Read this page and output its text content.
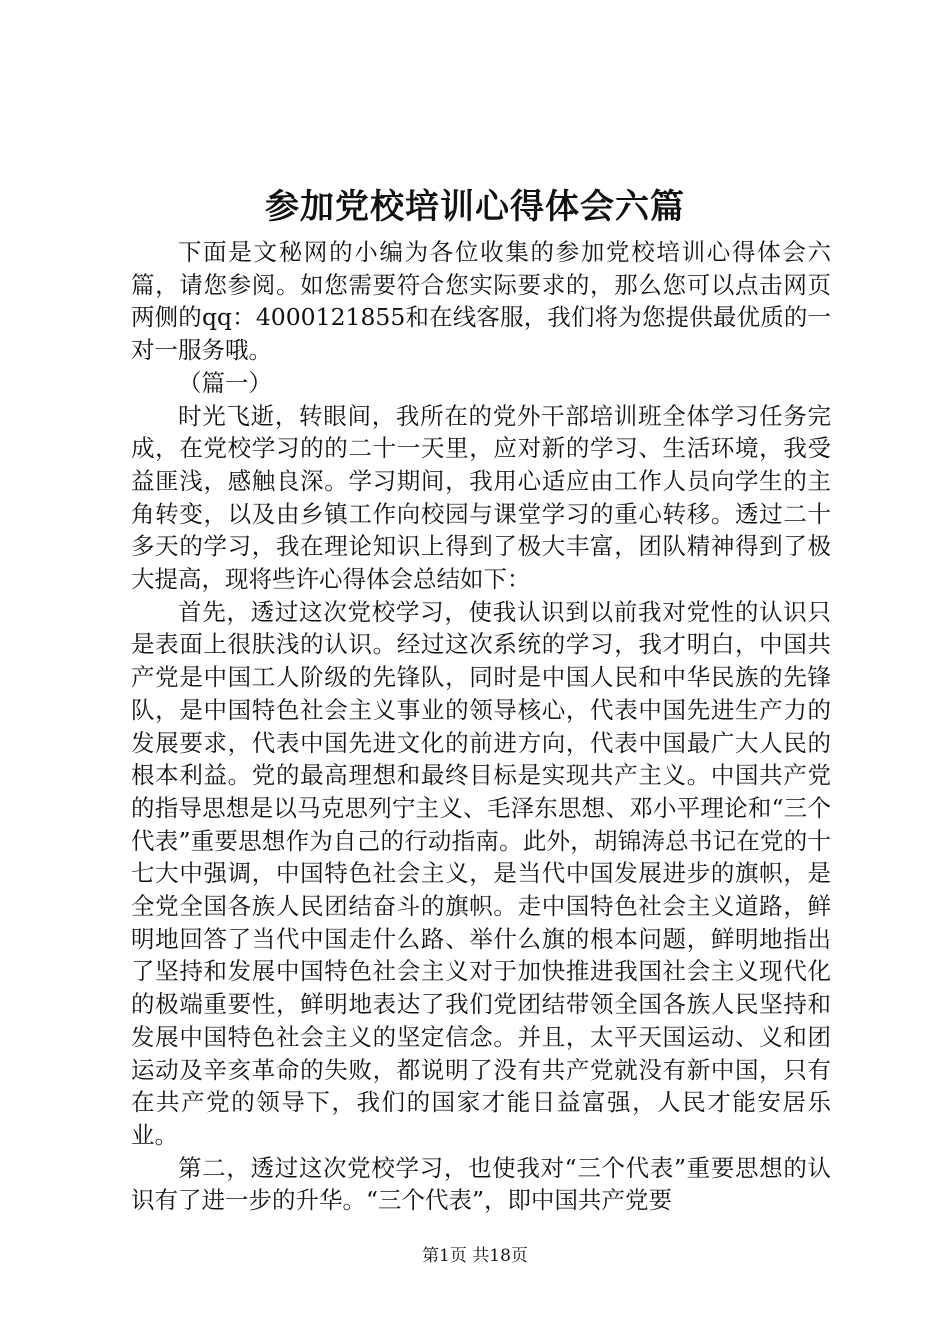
参加党校培训心得体会六篇

下面是文秘网的小编为各位收集的参加党校培训心得体会六篇，请您参阅。如您需要符合您实际要求的，那么您可以点击网页两侧的qq：4000121855和在线客服，我们将为您提供最优质的一对一服务哦。

（篇一）

时光飞逝，转眼间，我所在的党外干部培训班全体学习任务完成，在党校学习的的二十一天里，应对新的学习、生活环境，我受益匪浅，感触良深。学习期间，我用心适应由工作人员向学生的主角转变，以及由乡镇工作向校园与课堂学习的重心转移。透过二十多天的学习，我在理论知识上得到了极大丰富，团队精神得到了极大提高，现将些许心得体会总结如下：

首先，透过这次党校学习，使我认识到以前我对党性的认识只是表面上很肤浅的认识。经过这次系统的学习，我才明白，中国共产党是中国工人阶级的先锋队，同时是中国人民和中华民族的先锋队，是中国特色社会主义事业的领导核心，代表中国先进生产力的发展要求，代表中国先进文化的前进方向，代表中国最广大人民的根本利益。党的最高理想和最终目标是实现共产主义。中国共产党的指导思想是以马克思列宁主义、毛泽东思想、邓小平理论和“三个代表”重要思想作为自己的行动指南。此外，胡锦涛总书记在党的十七大中强调，中国特色社会主义，是当代中国发展进步的旗帜，是全党全国各族人民团结奋斗的旗帜。走中国特色社会主义道路，鲜明地回答了当代中国走什么路、举什么旗的根本问题，鲜明地指出了坚持和发展中国特色社会主义对于加快推进我国社会主义现代化的极端重要性，鲜明地表达了我们党团结带领全国各族人民坚持和发展中国特色社会主义的坚定信念。并且，太平天国运动、义和团运动及辛亥革命的失败，都说明了没有共产党就没有新中国，只有在共产党的领导下，我们的国家才能日益富强，人民才能安居乐业。

第二，透过这次党校学习，也使我对“三个代表”重要思想的认识有了进一步的升华。“三个代表”，即中国共产党要

第1页 共18页
